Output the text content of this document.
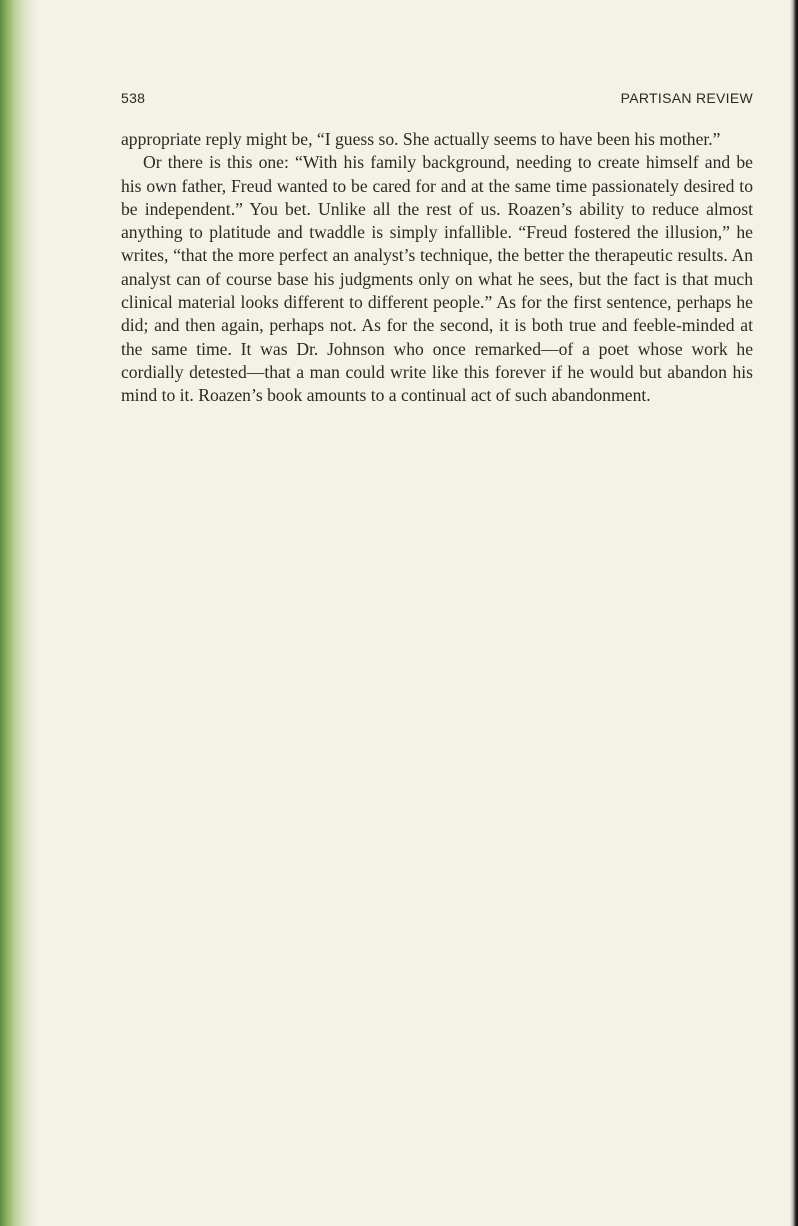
538	PARTISAN REVIEW

appropriate reply might be, “I guess so. She actually seems to have been his mother.”

Or there is this one: “With his family background, needing to create himself and be his own father, Freud wanted to be cared for and at the same time passionately desired to be independent.” You bet. Unlike all the rest of us. Roazen’s ability to reduce almost anything to platitude and twaddle is simply infallible. “Freud fostered the illusion,” he writes, “that the more perfect an analyst’s technique, the better the therapeutic results. An analyst can of course base his judgments only on what he sees, but the fact is that much clinical material looks different to different people.” As for the first sentence, perhaps he did; and then again, perhaps not. As for the second, it is both true and feeble-minded at the same time. It was Dr. Johnson who once remarked—of a poet whose work he cordially detested—that a man could write like this forever if he would but abandon his mind to it. Roazen’s book amounts to a continual act of such abandonment.
